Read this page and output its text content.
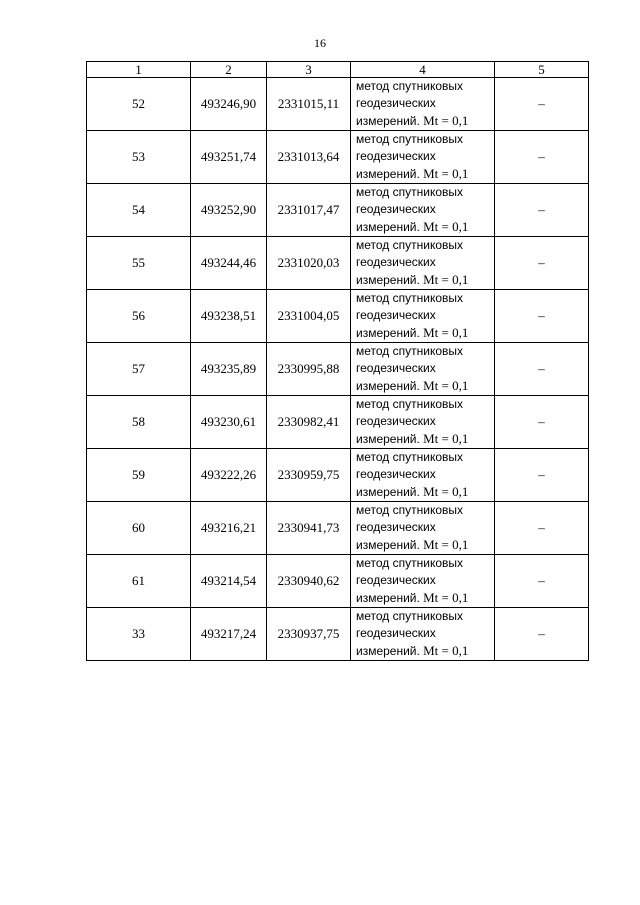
16
1	2	3	4	5
52	493246,90	2331015,11	метод спутниковых
геодезических
измерений. Mt = 0,1	–
53	493251,74	2331013,64	метод спутниковых
геодезических
измерений. Mt = 0,1	–
54	493252,90	2331017,47	метод спутниковых
геодезических
измерений. Mt = 0,1	–
55	493244,46	2331020,03	метод спутниковых
геодезических
измерений. Mt = 0,1	–
56	493238,51	2331004,05	метод спутниковых
геодезических
измерений. Mt = 0,1	–
57	493235,89	2330995,88	метод спутниковых
геодезических
измерений. Mt = 0,1	–
58	493230,61	2330982,41	метод спутниковых
геодезических
измерений. Mt = 0,1	–
59	493222,26	2330959,75	метод спутниковых
геодезических
измерений. Mt = 0,1	–
60	493216,21	2330941,73	метод спутниковых
геодезических
измерений. Mt = 0,1	–
61	493214,54	2330940,62	метод спутниковых
геодезических
измерений. Mt = 0,1	–
33	493217,24	2330937,75	метод спутниковых
геодезических
измерений. Mt = 0,1	–
